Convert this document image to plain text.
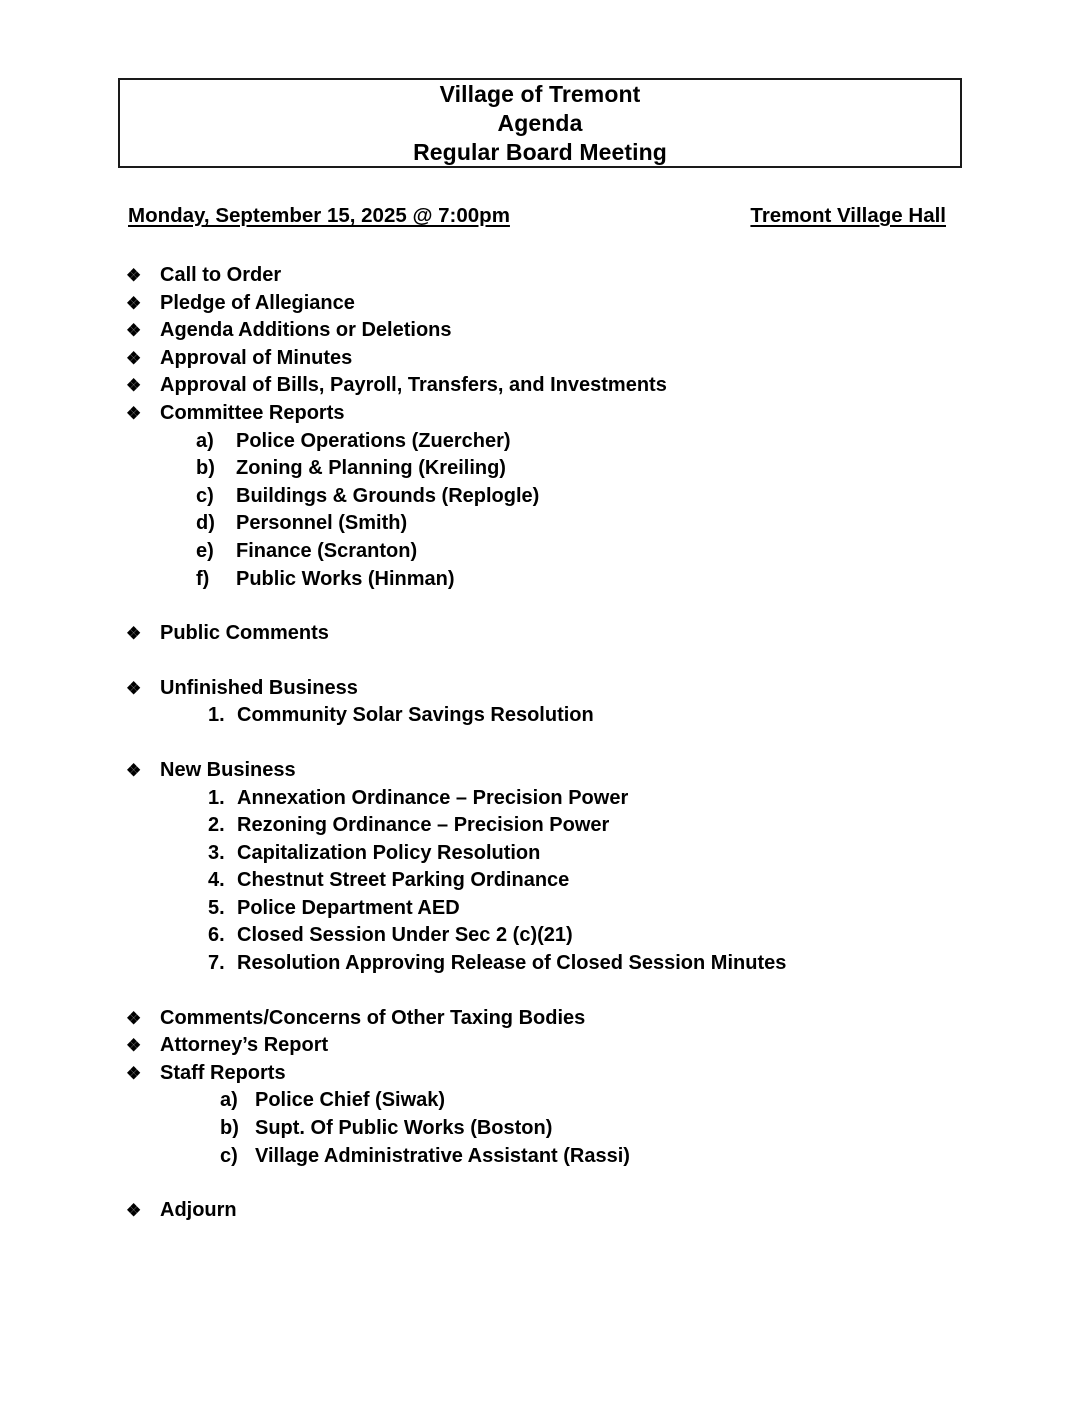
Village of Tremont
Agenda
Regular Board Meeting
Monday, September 15, 2025 @ 7:00pm	Tremont Village Hall
❖ Call to Order
❖ Pledge of Allegiance
❖ Agenda Additions or Deletions
❖ Approval of Minutes
❖ Approval of Bills, Payroll, Transfers, and Investments
❖ Committee Reports
a)	Police Operations (Zuercher)
b)	Zoning & Planning (Kreiling)
c)	Buildings & Grounds (Replogle)
d)	Personnel (Smith)
e)	Finance (Scranton)
f)	Public Works (Hinman)
❖ Public Comments
❖ Unfinished Business
1. Community Solar Savings Resolution
❖ New Business
1. Annexation Ordinance – Precision Power
2. Rezoning Ordinance – Precision Power
3. Capitalization Policy Resolution
4. Chestnut Street Parking Ordinance
5. Police Department AED
6. Closed Session Under Sec 2 (c)(21)
7. Resolution Approving Release of Closed Session Minutes
❖ Comments/Concerns of Other Taxing Bodies
❖ Attorney’s Report
❖ Staff Reports
a) Police Chief (Siwak)
b) Supt. Of Public Works (Boston)
c) Village Administrative Assistant (Rassi)
❖ Adjourn
